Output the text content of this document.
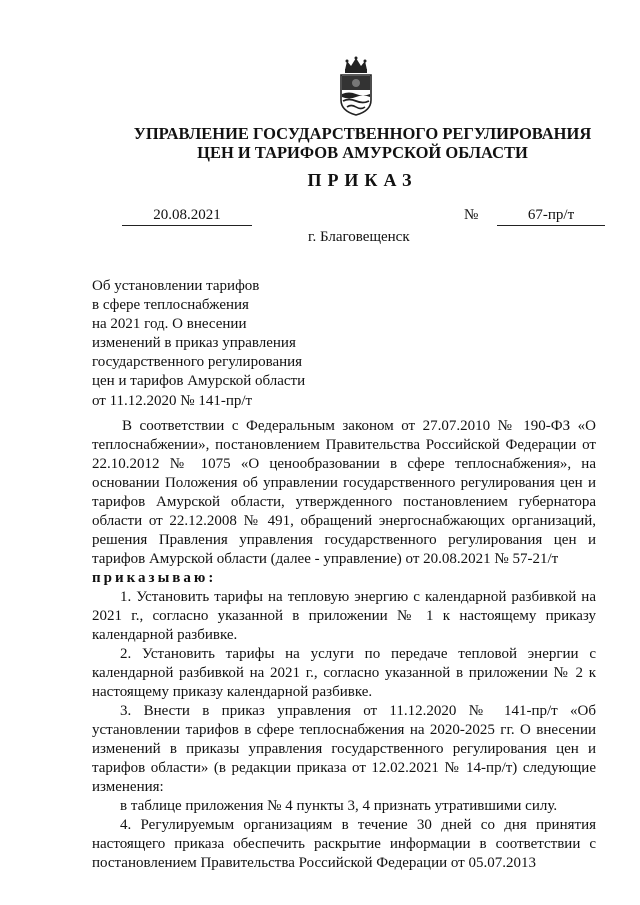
УПРАВЛЕНИЕ ГОСУДАРСТВЕННОГО РЕГУЛИРОВАНИЯ
ЦЕН И ТАРИФОВ АМУРСКОЙ ОБЛАСТИ
ПРИКАЗ
20.08.2021	№	67-пр/т
г. Благовещенск
Об установлении тарифов
в сфере теплоснабжения
на 2021 год. О внесении
изменений в приказ управления
государственного регулирования
цен и тарифов Амурской области
от 11.12.2020 № 141-пр/т

В соответствии с Федеральным законом от 27.07.2010 № 190-ФЗ «О теплоснабжении», постановлением Правительства Российской Федерации от 22.10.2012 № 1075 «О ценообразовании в сфере теплоснабжения», на основании Положения об управлении государственного регулирования цен и тарифов Амурской области, утвержденного постановлением губернатора области от 22.12.2008 № 491, обращений энергоснабжающих организаций, решения Правления управления государственного регулирования цен и тарифов Амурской области (далее - управление) от 20.08.2021 № 57-21/т

приказываю:

1. Установить тарифы на тепловую энергию с календарной разбивкой на 2021 г., согласно указанной в приложении № 1 к настоящему приказу календарной разбивке.

2. Установить тарифы на услуги по передаче тепловой энергии с календарной разбивкой на 2021 г., согласно указанной в приложении № 2 к настоящему приказу календарной разбивке.

3. Внести в приказ управления от 11.12.2020 № 141-пр/т «Об установлении тарифов в сфере теплоснабжения на 2020-2025 гг. О внесении изменений в приказы управления государственного регулирования цен и тарифов области» (в редакции приказа от 12.02.2021 № 14-пр/т) следующие изменения:

в таблице приложения № 4 пункты 3, 4 признать утратившими силу.

4. Регулируемым организациям в течение 30 дней со дня принятия настоящего приказа обеспечить раскрытие информации в соответствии с постановлением Правительства Российской Федерации от 05.07.2013
